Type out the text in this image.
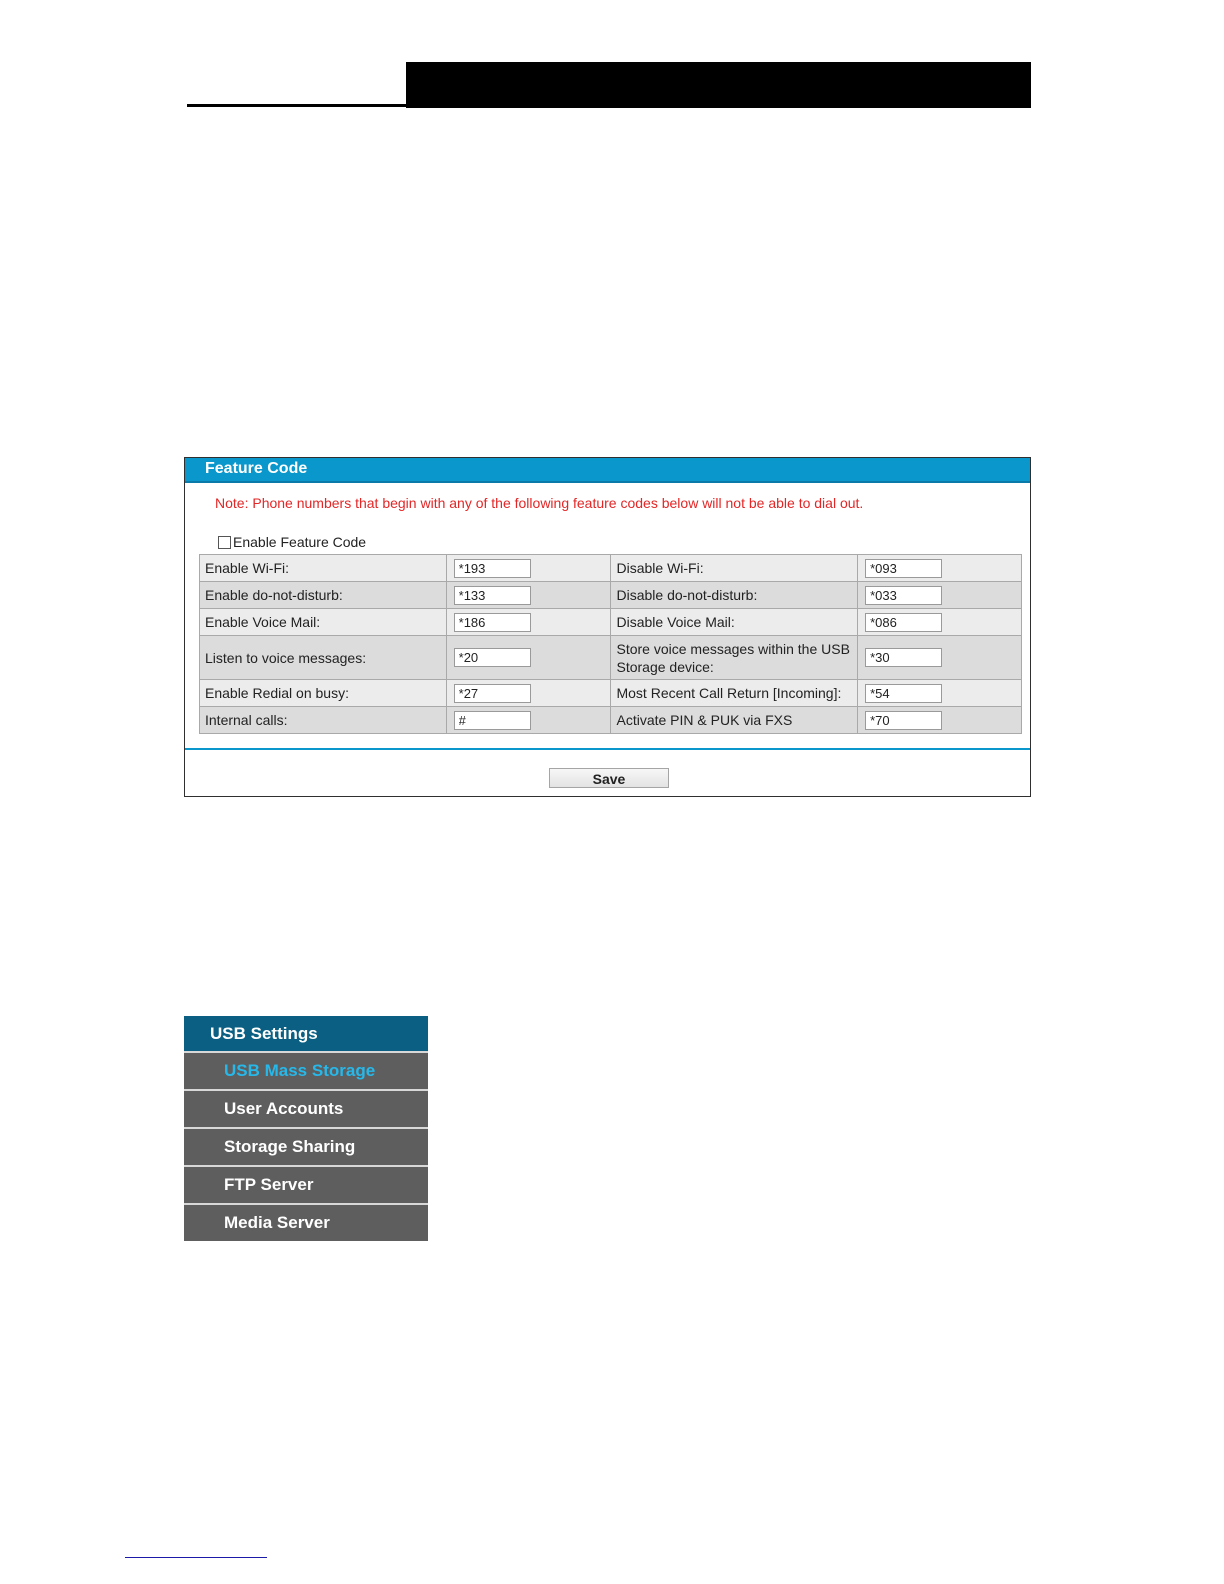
Feature Code
Note: Phone numbers that begin with any of the following feature codes below will not be able to dial out.
Enable Feature Code
Enable Wi-Fi:	*193	Disable Wi-Fi:	*093
Enable do-not-disturb:	*133	Disable do-not-disturb:	*033
Enable Voice Mail:	*186	Disable Voice Mail:	*086
Listen to voice messages:	*20	Store voice messages within the USB Storage device:	*30
Enable Redial on busy:	*27	Most Recent Call Return [Incoming]:	*54
Internal calls:	#	Activate PIN & PUK via FXS	*70
Save
USB Settings
USB Mass Storage
User Accounts
Storage Sharing
FTP Server
Media Server
